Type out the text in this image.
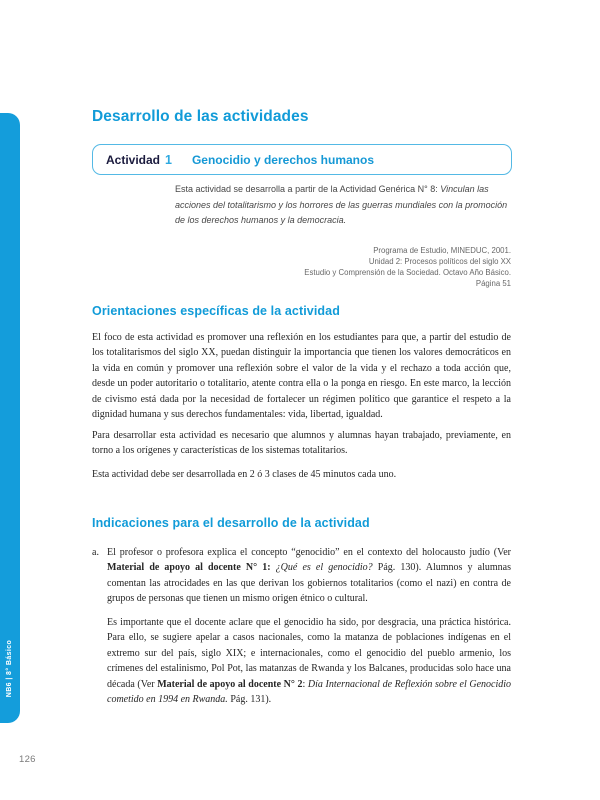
NB6 | 8° Básico
Desarrollo de las actividades
Actividad 1 Genocidio y derechos humanos

Esta actividad se desarrolla a partir de la Actividad Genérica N° 8: Vinculan las acciones del totalitarismo y los horrores de las guerras mundiales con la promoción de los derechos humanos y la democracia.

Programa de Estudio, MINEDUC, 2001.
Unidad 2: Procesos políticos del siglo XX
Estudio y Comprensión de la Sociedad. Octavo Año Básico.
Página 51
Orientaciones específicas de la actividad

El foco de esta actividad es promover una reflexión en los estudiantes para que, a partir del estudio de los totalitarismos del siglo XX, puedan distinguir la importancia que tienen los valores democráticos en la vida en común y promover una reflexión sobre el valor de la vida y el rechazo a toda acción que, desde un poder autoritario o totalitario, atente contra ella o la ponga en riesgo. En este marco, la lección de civismo está dada por la necesidad de fortalecer un régimen político que garantice el respeto a la dignidad humana y sus derechos fundamentales: vida, libertad, igualdad.

Para desarrollar esta actividad es necesario que alumnos y alumnas hayan trabajado, previamente, en torno a los orígenes y características de los sistemas totalitarios.

Esta actividad debe ser desarrollada en 2 ó 3 clases de 45 minutos cada uno.

Indicaciones para el desarrollo de la actividad
a. El profesor o profesora explica el concepto “genocidio” en el contexto del holocausto judío (Ver Material de apoyo al docente N° 1: ¿Qué es el genocidio? Pág. 130). Alumnos y alumnas comentan las atrocidades en las que derivan los gobiernos totalitarios (como el nazi) en contra de grupos de personas que tienen un mismo origen étnico o cultural.

Es importante que el docente aclare que el genocidio ha sido, por desgracia, una práctica histórica. Para ello, se sugiere apelar a casos nacionales, como la matanza de poblaciones indígenas en el extremo sur del país, siglo XIX; e internacionales, como el genocidio del pueblo armenio, los crímenes del estalinismo, Pol Pot, las matanzas de Rwanda y los Balcanes, producidas solo hace una década (Ver Material de apoyo al docente N° 2: Día Internacional de Reflexión sobre el Genocidio cometido en 1994 en Rwanda. Pág. 131).

126
